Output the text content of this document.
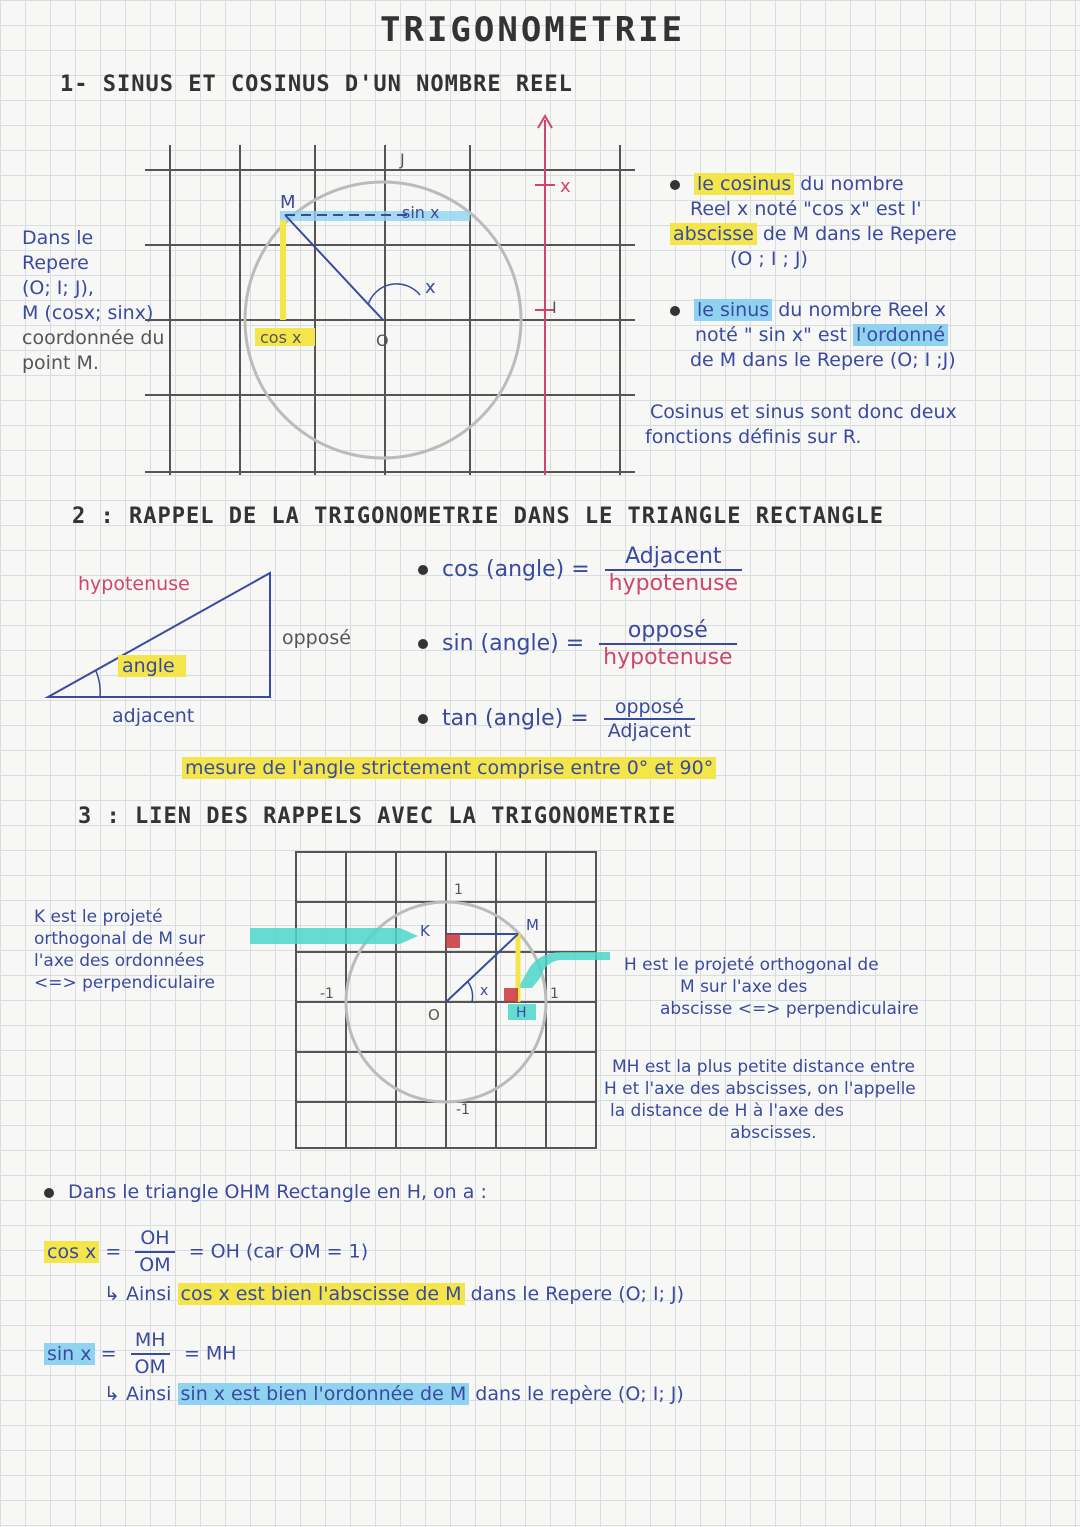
TRIGONOMETRIE
1- SINUS ET COSINUS D'UN NOMBRE REEL
M
J
sin x
x
I
O
x
cos x
Dans le
Repere
(O; I; J),
M (cosx; sinx)
coordonnée du
point M.
le cosinus du nombre
Reel x noté "cos x" est l'
abscisse de M dans le Repere
(O ; I ; J)
le sinus du nombre Reel x
noté " sin x" est l'ordonné
de M dans le Repere (O; I ;J)
Cosinus et sinus sont donc deux
fonctions définis sur R.
2 : RAPPEL DE LA TRIGONOMETRIE DANS LE TRIANGLE RECTANGLE
hypotenuse
angle
opposé
adjacent
cos (angle) = $\frac{\text{Adjacent}}{\text{hypotenuse}}$
sin (angle) = $\frac{\text{opposé}}{\text{hypotenuse}}$
tan (angle) = $\frac{\text{opposé}}{\text{Adjacent}}$
mesure de l'angle strictement comprise entre 0° et 90°
3 : LIEN DES RAPPELS AVEC LA TRIGONOMETRIE
K	M
H
O
x
1
1
-1
-1
K est le projeté
orthogonal de M sur
l'axe des ordonnées
<=> perpendiculaire
H est le projeté orthogonal de
M sur l'axe des
abscisse <=> perpendiculaire
MH est la plus petite distance entre
H et l'axe des abscisses, on l'appelle
la distance de H à l'axe des
abscisses.
Dans le triangle OHM Rectangle en H, on a :
$\cos x = \frac{OH}{OM}$ = OH (car OM = 1)
↳ Ainsi cos x est bien l'abscisse de M dans le Repere (O; I; J)
$\sin x = \frac{MH}{OM}$ = MH
↳ Ainsi sin x est bien l'ordonnée de M dans le repère (O; I; J)
